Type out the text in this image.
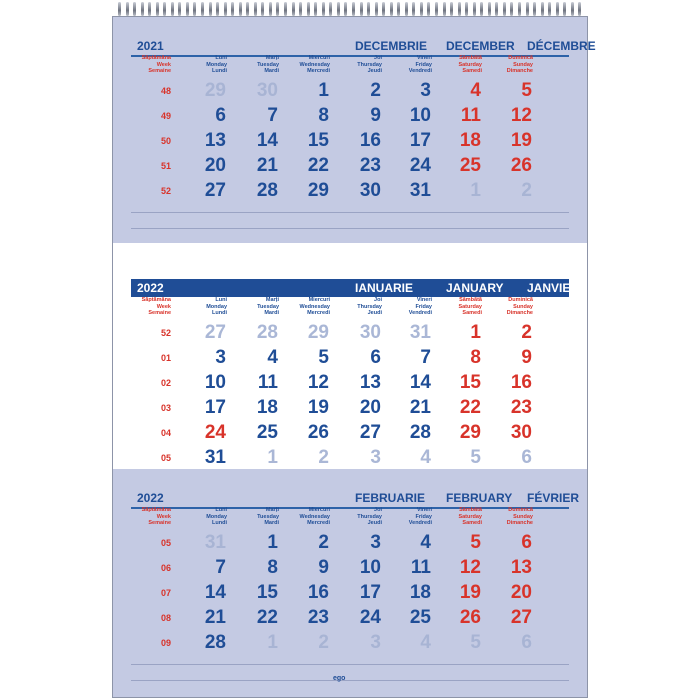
2021	DECEMBRIE DECEMBER DÉCEMBRE
Săptămâna
Week
Semaine
Luni
Monday
Lundi
Marți
Tuesday
Mardi
Miercuri
Wednesday
Mercredi
Joi
Thursday
Jeudi
Vineri
Friday
Vendredi
Sâmbătă
Saturday
Samedi
Duminică
Sunday
Dimanche
48	29	30	1	2	3	4	5
49	6	7	8	9	10	11	12
50	13	14	15	16	17	18	19
51	20	21	22	23	24	25	26
52	27	28	29	30	31	1	2
2022	IANUARIE	JANUARY JANVIER
Săptămâna
Week
Semaine
Luni
Monday
Lundi
Marți
Tuesday
Mardi
Miercuri
Wednesday
Mercredi
Joi
Thursday
Jeudi
Vineri
Friday
Vendredi
Sâmbătă
Saturday
Samedi
Duminică
Sunday
Dimanche
52	27	28	29	30	31	1	2
01	3	4	5	6	7	8	9
02	10	11	12	13	14	15	16
03	17	18	19	20	21	22	23
04	24	25	26	27	28	29	30
05	31	1	2	3	4	5	6
2022	FEBRUARIE FEBRUARY FÉVRIER
Săptămâna
Week
Semaine
Luni
Monday
Lundi
Marți
Tuesday
Mardi
Miercuri
Wednesday
Mercredi
Joi
Thursday
Jeudi
Vineri
Friday
Vendredi
Sâmbătă
Saturday
Samedi
Duminică
Sunday
Dimanche
05	31	1	2	3	4	5	6
06	7	8	9	10	11	12	13
07	14	15	16	17	18	19	20
08	21	22	23	24	25	26	27
09	28	1	2	3	4	5	6
ego
